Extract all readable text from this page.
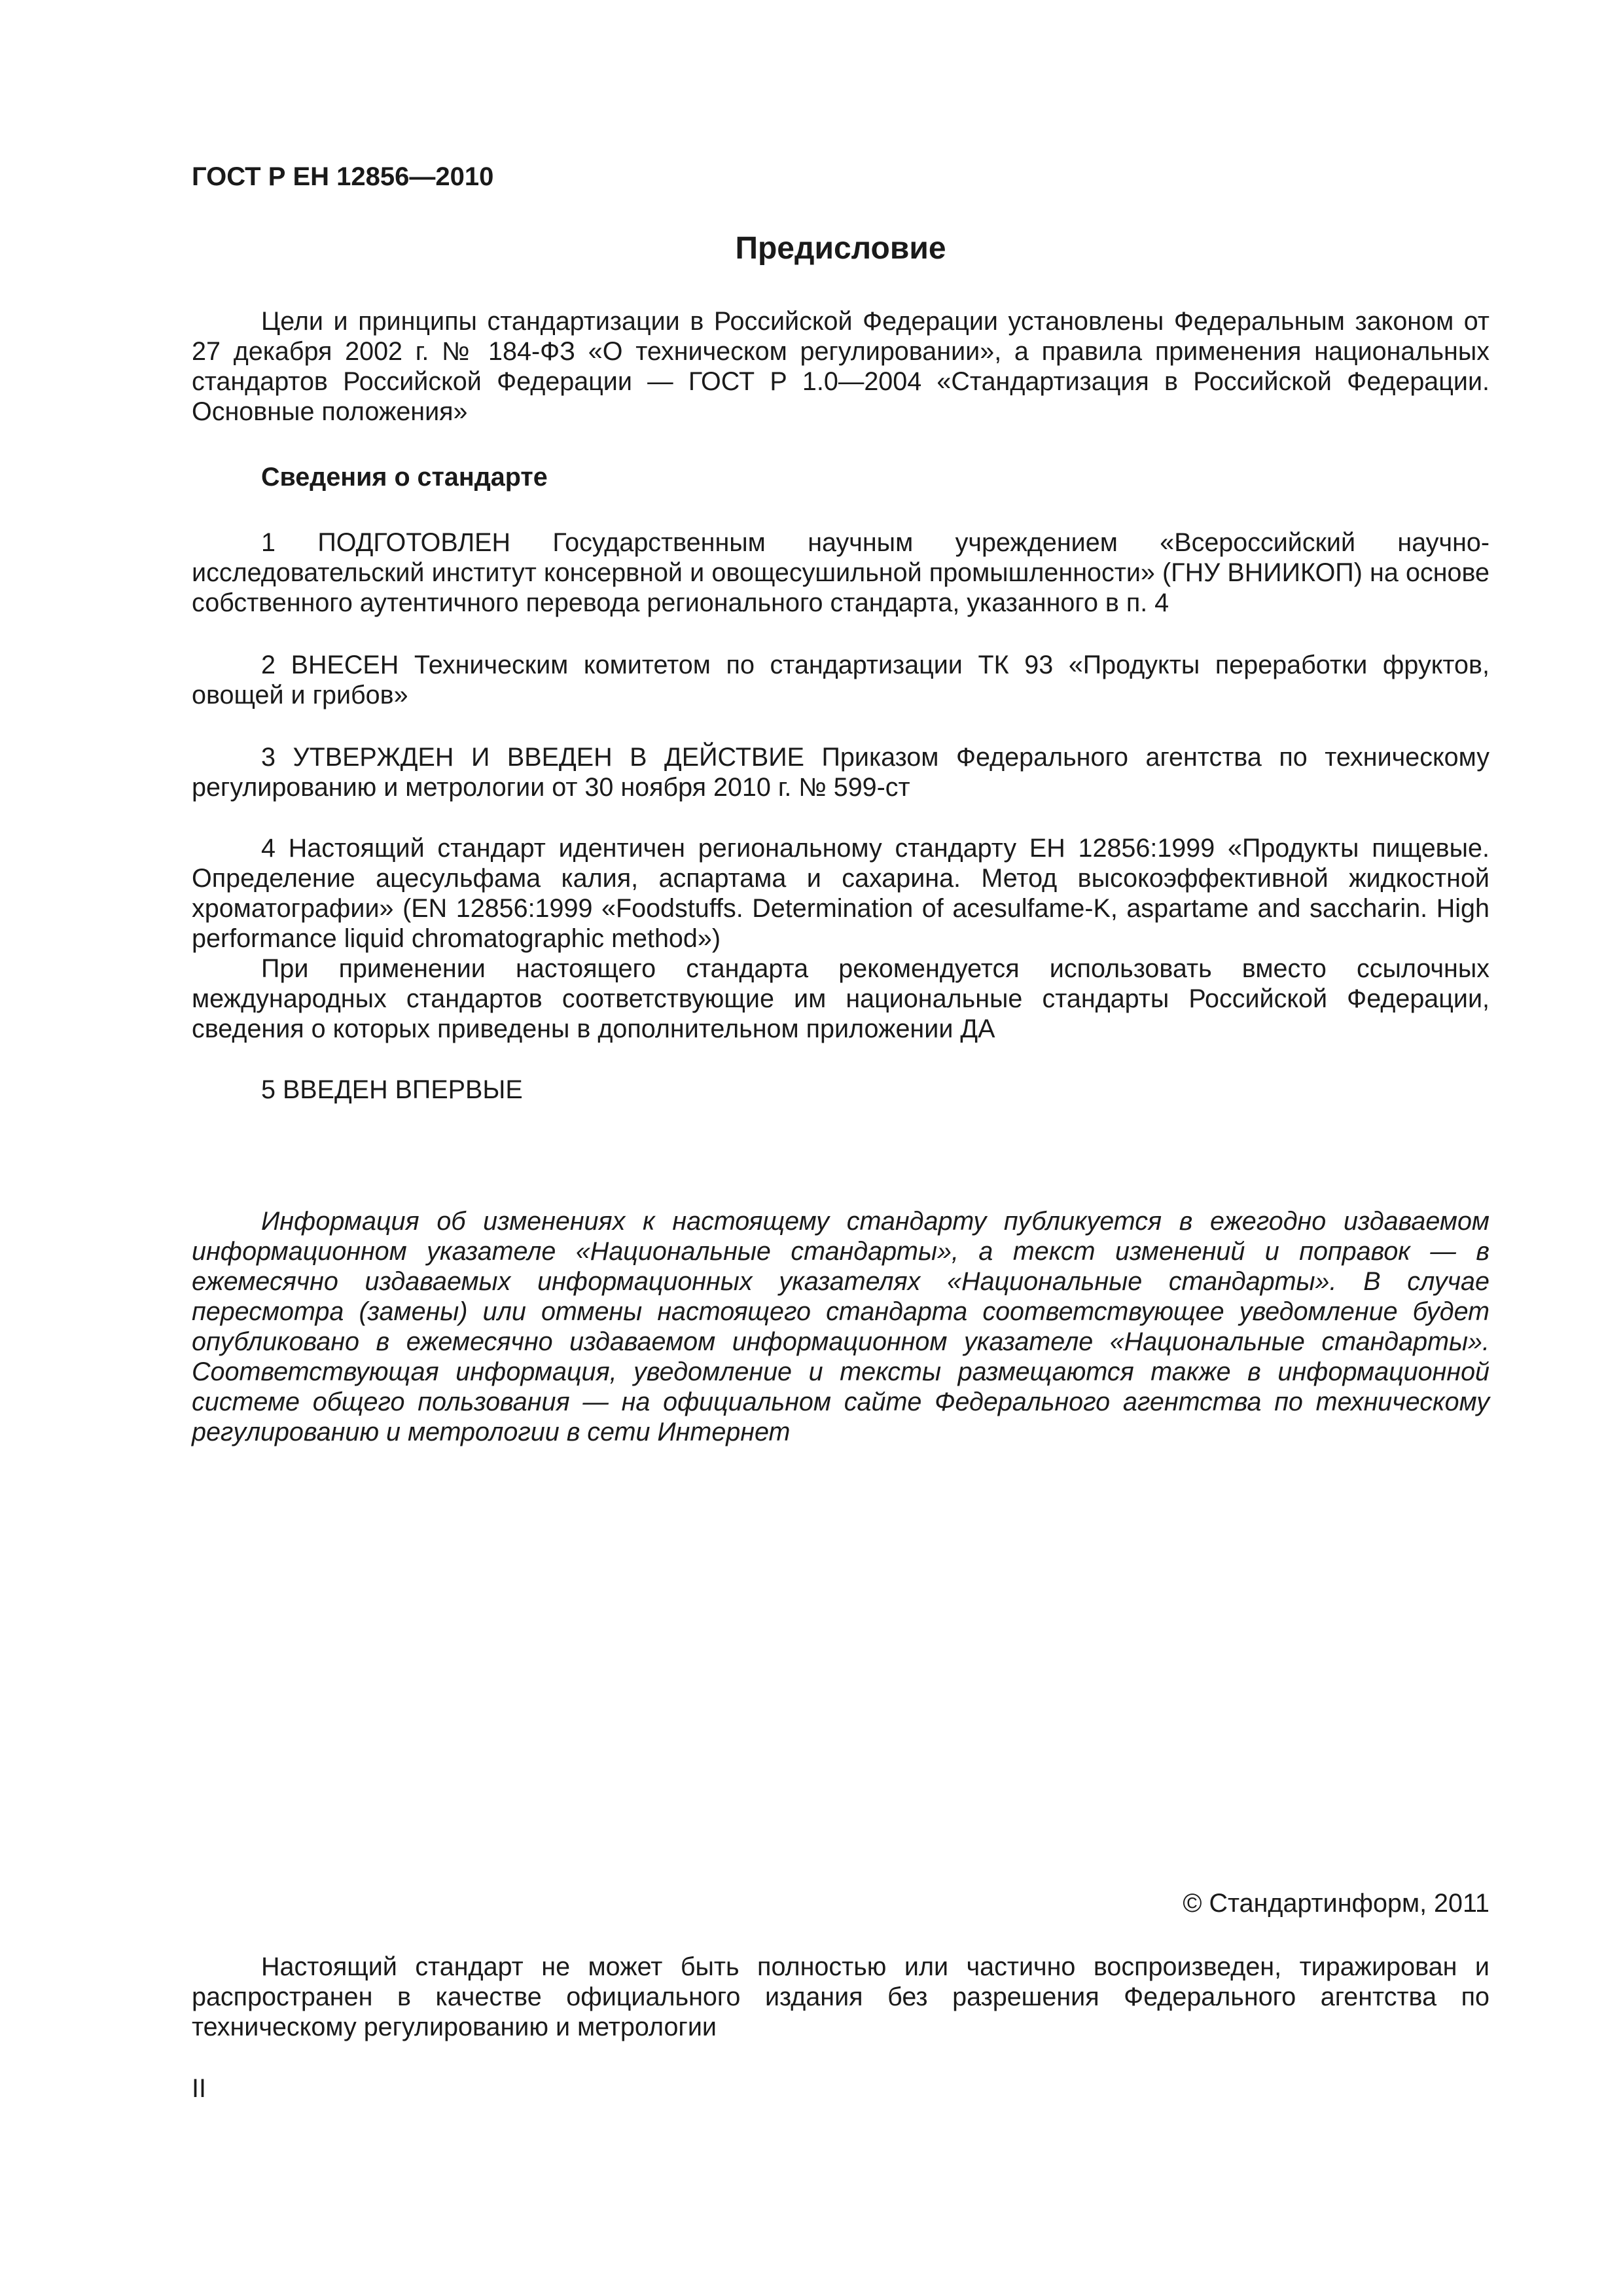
ГОСТ Р ЕН 12856—2010
Предисловие

Цели и принципы стандартизации в Российской Федерации установлены Федеральным законом от 27 декабря 2002 г. № 184-ФЗ «О техническом регулировании», а правила применения национальных стандартов Российской Федерации — ГОСТ Р 1.0—2004 «Стандартизация в Российской Федерации. Основные положения»

Сведения о стандарте

1 ПОДГОТОВЛЕН Государственным научным учреждением «Всероссийский научно-исследовательский институт консервной и овощесушильной промышленности» (ГНУ ВНИИКОП) на основе собственного аутентичного перевода регионального стандарта, указанного в п. 4

2 ВНЕСЕН Техническим комитетом по стандартизации ТК 93 «Продукты переработки фруктов, овощей и грибов»

3 УТВЕРЖДЕН И ВВЕДЕН В ДЕЙСТВИЕ Приказом Федерального агентства по техническому регулированию и метрологии от 30 ноября 2010 г. № 599-ст

4 Настоящий стандарт идентичен региональному стандарту ЕН 12856:1999 «Продукты пищевые. Определение ацесульфама калия, аспартама и сахарина. Метод высокоэффективной жидкостной хроматографии» (EN 12856:1999 «Foodstuffs. Determination of acesulfame-K, aspartame and saccharin. High performance liquid chromatographic method»)

При применении настоящего стандарта рекомендуется использовать вместо ссылочных международных стандартов соответствующие им национальные стандарты Российской Федерации, сведения о которых приведены в дополнительном приложении ДА

5 ВВЕДЕН ВПЕРВЫЕ

Информация об изменениях к настоящему стандарту публикуется в ежегодно издаваемом информационном указателе «Национальные стандарты», а текст изменений и поправок — в ежемесячно издаваемых информационных указателях «Национальные стандарты». В случае пересмотра (замены) или отмены настоящего стандарта соответствующее уведомление будет опубликовано в ежемесячно издаваемом информационном указателе «Национальные стандарты». Соответствующая информация, уведомление и тексты размещаются также в информационной системе общего пользования — на официальном сайте Федерального агентства по техническому регулированию и метрологии в сети Интернет

© Стандартинформ, 2011

Настоящий стандарт не может быть полностью или частично воспроизведен, тиражирован и распространен в качестве официального издания без разрешения Федерального агентства по техническому регулированию и метрологии

II
